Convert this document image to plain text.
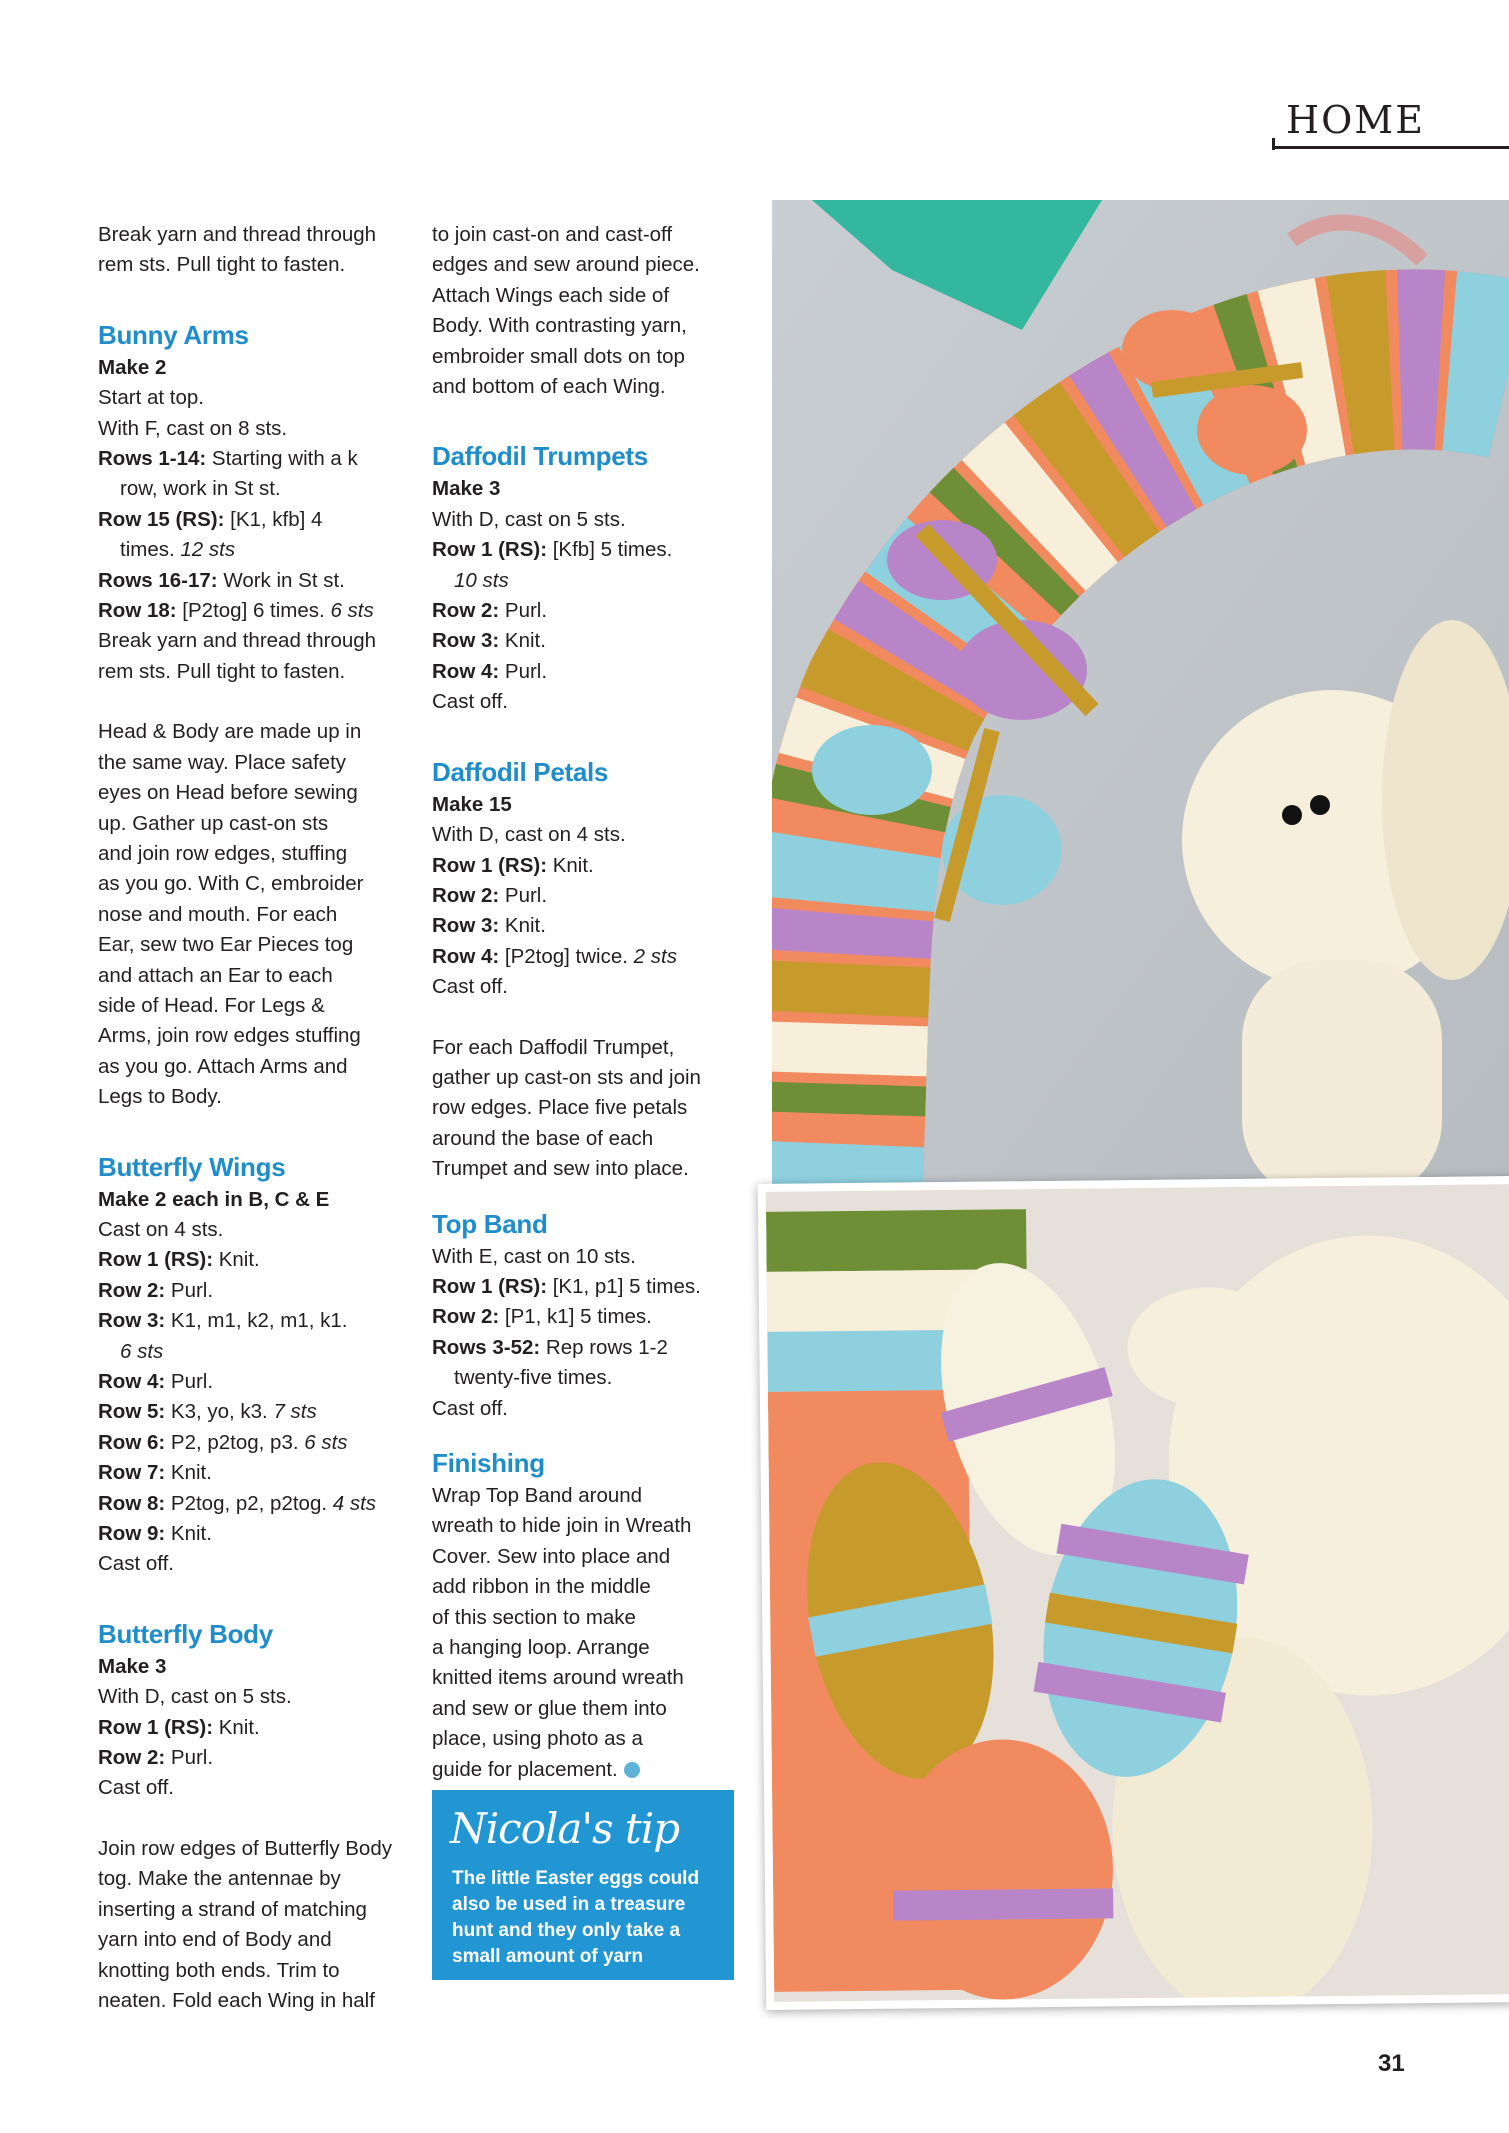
HOME

Break yarn and thread through

rem sts. Pull tight to fasten.

Bunny Arms

Make 2

Start at top.

With F, cast on 8 sts.

Rows 1-14: Starting with a k

row, work in St st.

Row 15 (RS): [K1, kfb] 4

times. 12 sts

Rows 16-17: Work in St st.

Row 18: [P2tog] 6 times. 6 sts

Break yarn and thread through

rem sts. Pull tight to fasten.

Head & Body are made up in

the same way. Place safety

eyes on Head before sewing

up. Gather up cast-on sts

and join row edges, stuffing

as you go. With C, embroider

nose and mouth. For each

Ear, sew two Ear Pieces tog

and attach an Ear to each

side of Head. For Legs &

Arms, join row edges stuffing

as you go. Attach Arms and

Legs to Body.

Butterfly Wings

Make 2 each in B, C & E

Cast on 4 sts.

Row 1 (RS): Knit.

Row 2: Purl.

Row 3: K1, m1, k2, m1, k1.

6 sts

Row 4: Purl.

Row 5: K3, yo, k3. 7 sts

Row 6: P2, p2tog, p3. 6 sts

Row 7: Knit.

Row 8: P2tog, p2, p2tog. 4 sts

Row 9: Knit.

Cast off.

Butterfly Body

Make 3

With D, cast on 5 sts.

Row 1 (RS): Knit.

Row 2: Purl.

Cast off.

Join row edges of Butterfly Body

tog. Make the antennae by

inserting a strand of matching

yarn into end of Body and

knotting both ends. Trim to

neaten. Fold each Wing in half

to join cast-on and cast-off

edges and sew around piece.

Attach Wings each side of

Body. With contrasting yarn,

embroider small dots on top

and bottom of each Wing.

Daffodil Trumpets

Make 3

With D, cast on 5 sts.

Row 1 (RS): [Kfb] 5 times.

10 sts

Row 2: Purl.

Row 3: Knit.

Row 4: Purl.

Cast off.

Daffodil Petals

Make 15

With D, cast on 4 sts.

Row 1 (RS): Knit.

Row 2: Purl.

Row 3: Knit.

Row 4: [P2tog] twice. 2 sts

Cast off.

For each Daffodil Trumpet,

gather up cast-on sts and join

row edges. Place five petals

around the base of each

Trumpet and sew into place.

Top Band

With E, cast on 10 sts.

Row 1 (RS): [K1, p1] 5 times.

Row 2: [P1, k1] 5 times.

Rows 3-52: Rep rows 1-2

twenty-five times.

Cast off.

Finishing

Wrap Top Band around

wreath to hide join in Wreath

Cover. Sew into place and

add ribbon in the middle

of this section to make

a hanging loop. Arrange

knitted items around wreath

and sew or glue them into

place, using photo as a

guide for placement.

Nicola's tip
The little Easter eggs could also be used in a treasure hunt and they only take a small amount of yarn
31
